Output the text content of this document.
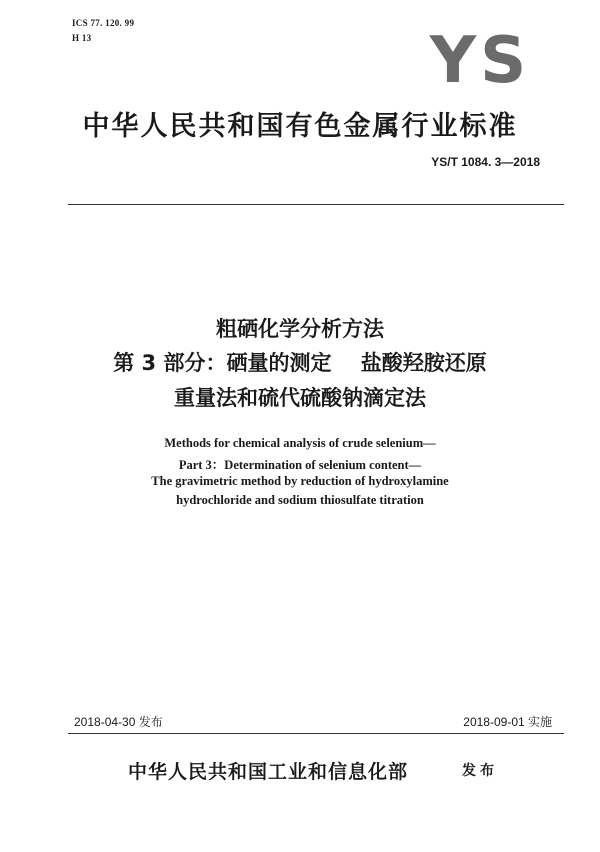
ICS 77. 120. 99
H 13	YS
中华人民共和国有色金属行业标准
YS/T 1084. 3—2018
粗硒化学分析方法
第 3 部分：硒量的测定    盐酸羟胺还原
重量法和硫代硫酸钠滴定法
Methods for chemical analysis of crude selenium—
Part 3：Determination of selenium content—
The gravimetric method by reduction of hydroxylamine
hydrochloride and sodium thiosulfate titration
2018-04-30 发布	2018-09-01 实施
中华人民共和国工业和信息化部	发布
